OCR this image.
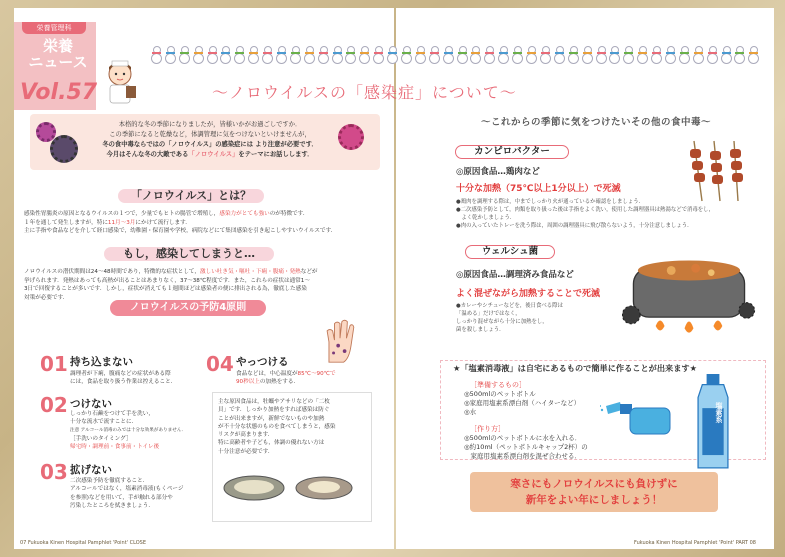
栄養管理科
栄養
ニュース
Vol.57	〜ノロウイルスの「感染症」について〜
本格的な冬の季節になりましたが，皆様いかがお過ごしですか．
この季節になると乾燥など，体調管理に気をつけないといけませんが，
冬の食中毒ならではの「ノロウイルス」の感染症には より注意が必要です．
今月はそんな冬の大敵である「ノロウイルス」をテーマにお話しします．
「ノロウイルス」とは？
感染性胃腸炎の原因となるウイルスの１つで，少量でもヒトの腸管で増殖し，感染力がとても強いのが特徴です．
１年を通して発生しますが，特に11月〜3月にかけて流行します．
主に手指や食品などを介して経口感染で，幼稚園・保育園や学校，病院などにて集団感染を引き起こしやすいウイルスです．
もし，感染してしまうと…
ノロウイルスの潜伏期間は24〜48時間であり，特徴的な症状として，激しい吐き気・嘔吐・下痢・腹痛・発熱などが
挙げられます．発熱はあっても高熱が出ることはあまりなく，37〜38℃程度です．また，これらの症状は通常1〜
3日で回復することが多いです．しかし，症状が消えても１週間ほどは感染者の便に排出される為，徹底した感染
対策が必要です．
ノロウイルスの予防4原則
01 持ち込まない
調理者が下痢，腹痛などの症状がある際
には，食品を取り扱う作業は控えること．
02 つけない
しっかり石鹸をつけて手を洗い，
十分な流水で流すことに．
注意 アルコール消毒のみでは十分な効果がありません．
［手洗いのタイミング］
帰宅時・調理前・食事前・トイレ後
03 拡げない
二次感染予防を徹底すること．
アルコールではなく，塩素消毒液(もくページ
を参照)などを用いて，手が触れる部分や
汚染したところを拭きましょう．
04 やっつける
食品などは，中心温度が85℃〜90℃で
90秒以上の加熱をする．
主な原因食品は，牡蠣やアサリなどの「二枚
貝」です．しっかり加熱をすれば感染は防ぐ
ことが出来ますが，新鮮でないものや加熱
が不十分な状態のものを食べてしまうと，感染
リスクが高まります．
特に高齢者や子ども，体調の優れない方は
十分注意が必要です．
〜これからの季節に気をつけたいその他の食中毒〜
カンピロバクター
◎原因食品…鶏肉など
十分な加熱（75℃以上1分以上）で死滅
●鶏肉を調理する際は，中までしっかり火が通っているか確認をしましょう．
●二次感染予防として，肉類を取り扱った後は手指をよく洗い，使用した調理器具は熱湯などで消毒をし，
　よく乾かしましょう．
●肉の入っていたトレーを洗う際は，周囲の調理器具に飛び散らないよう，十分注意しましょう．
ウェルシュ菌
◎原因食品…調理済み食品など
よく混ぜながら加熱することで死滅
●カレーやシチューなどを，後日食べる際は
「温める」だけではなく，
しっかり混ぜながら十分に加熱をし，
菌を殺しましょう．
★「塩素消毒液」は自宅にあるもので簡単に作ることが出来ます★
［準備するもの］
◎500mlのペットボトル
◎家庭用塩素系漂白剤（ハイターなど）
◎水
［作り方］
◎500mlのペットボトルに水を入れる．
◎約10ml（ペットボトルキャップ2杯）の
　家庭用塩素系漂白剤を混ぜ合わせる．
塩素系
寒さにもノロウイルスにも負けずに
新年をよい年にしましょう！
07 Fukuoka Kinen Hospital Pamphlet 'Point' CLOSE	Fukuoka Kinen Hospital Pamphlet 'Point' PART 08
